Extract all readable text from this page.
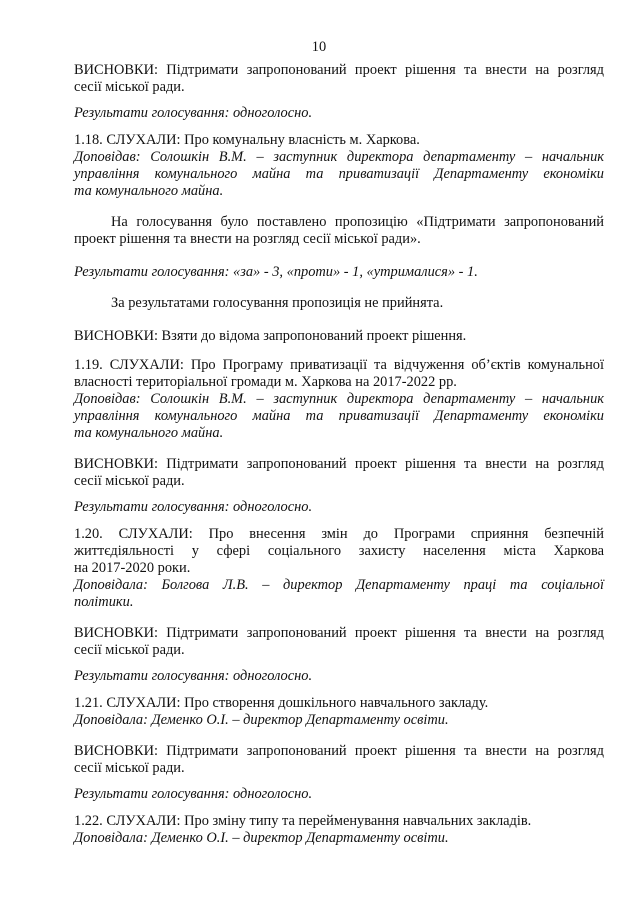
10

ВИСНОВКИ: Підтримати запропонований проект рішення та внести на розгляд
сесії міської ради.

Результати голосування: одноголосно.

1.18. СЛУХАЛИ: Про комунальну власність м. Харкова.

Доповідав: Солошкін В.М. – заступник директора департаменту – начальник
управління комунального майна та приватизації Департаменту економіки
та комунального майна.

На голосування було поставлено пропозицію «Підтримати запропонований
проект рішення та внести на розгляд сесії міської ради».

Результати голосування: «за» - 3, «проти» - 1, «утрималися» - 1.

За результатами голосування пропозиція не прийнята.

ВИСНОВКИ: Взяти до відома запропонований проект рішення.

1.19. СЛУХАЛИ: Про Програму приватизації та відчуження об’єктів комунальної
власності територіальної громади м. Харкова на 2017-2022 рр.

Доповідав: Солошкін В.М. – заступник директора департаменту – начальник
управління комунального майна та приватизації Департаменту економіки
та комунального майна.

ВИСНОВКИ: Підтримати запропонований проект рішення та внести на розгляд
сесії міської ради.

Результати голосування: одноголосно.

1.20. СЛУХАЛИ: Про внесення змін до Програми сприяння безпечній
життєдіяльності у сфері соціального захисту населення міста Харкова
на 2017-2020 роки.

Доповідала: Болгова Л.В. – директор Департаменту праці та соціальної
політики.

ВИСНОВКИ: Підтримати запропонований проект рішення та внести на розгляд
сесії міської ради.

Результати голосування: одноголосно.

1.21. СЛУХАЛИ: Про створення дошкільного навчального закладу.

Доповідала: Деменко О.І. – директор Департаменту освіти.

ВИСНОВКИ: Підтримати запропонований проект рішення та внести на розгляд
сесії міської ради.

Результати голосування: одноголосно.

1.22. СЛУХАЛИ: Про зміну типу та перейменування навчальних закладів.

Доповідала: Деменко О.І. – директор Департаменту освіти.
